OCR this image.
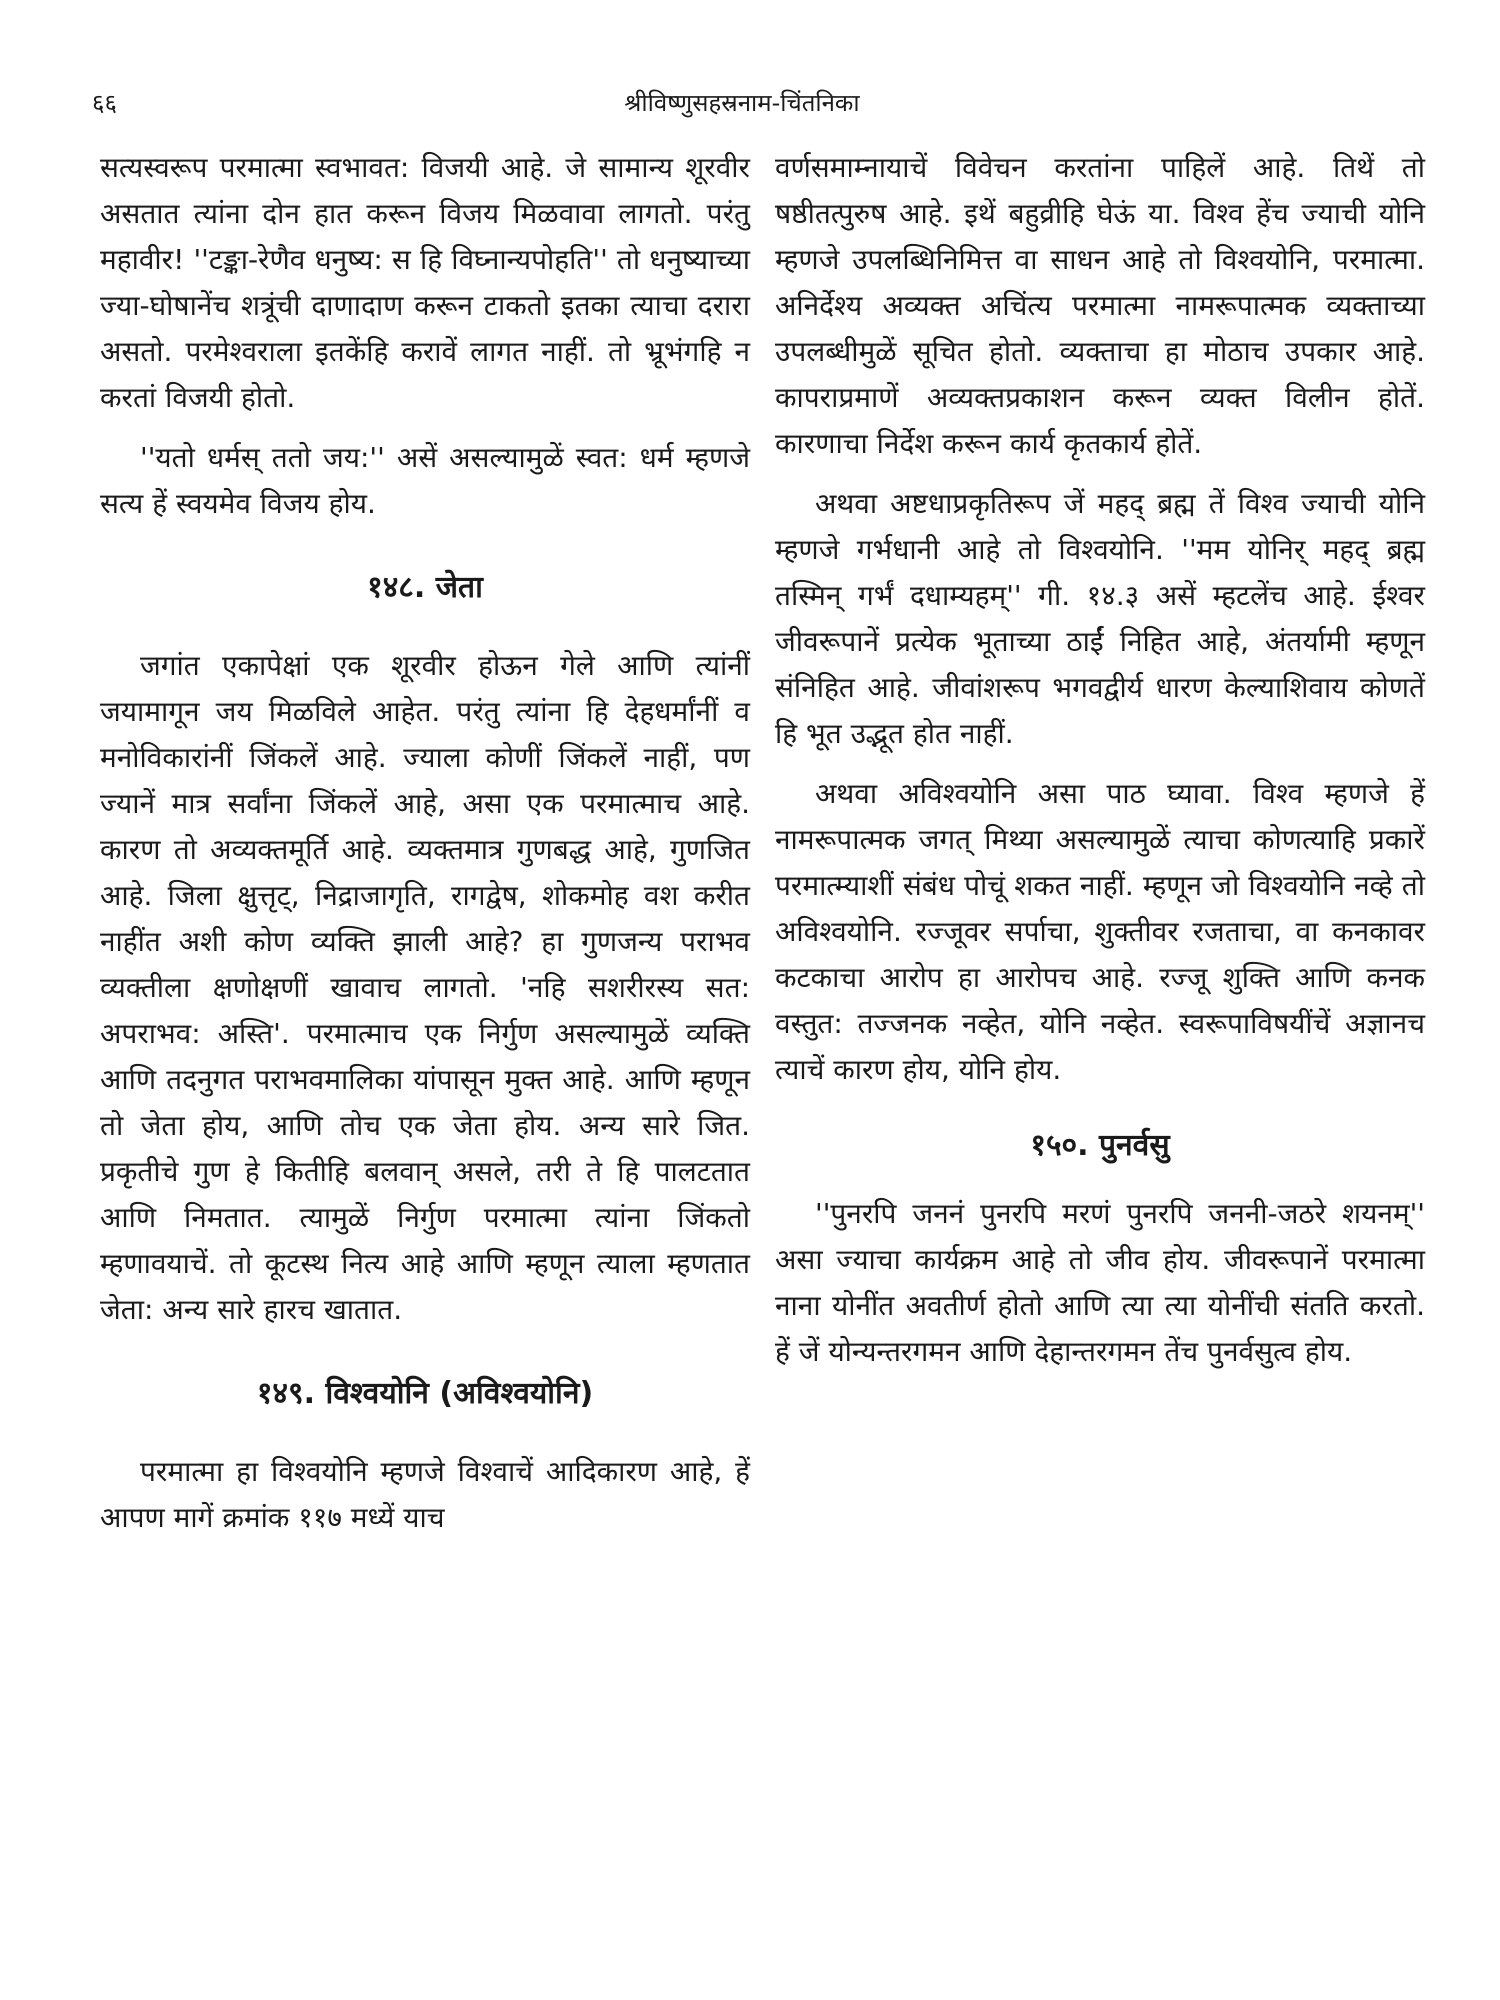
६६	श्रीविष्णुसहस्रनाम-चिंतनिका

सत्यस्वरूप परमात्मा स्वभावत: विजयी आहे. जे सामान्य शूरवीर असतात त्यांना दोन हात करून विजय मिळवावा लागतो. परंतु महावीर! ''टङ्का-रेणैव धनुष्य: स हि विघ्नान्यपोहति'' तो धनुष्याच्या ज्या-घोषानेंच शत्रूंची दाणादाण करून टाकतो इतका त्याचा दरारा असतो. परमेश्वराला इतकेंहि करावें लागत नाहीं. तो भ्रूभंगहि न करतां विजयी होतो.

''यतो धर्मस् ततो जय:'' असें असल्यामुळें स्वत: धर्म म्हणजे सत्य हें स्वयमेव विजय होय.

१४८. जेता

जगांत एकापेक्षां एक शूरवीर होऊन गेले आणि त्यांनीं जयामागून जय मिळविले आहेत. परंतु त्यांना हि देहधर्मांनीं व मनोविकारांनीं जिंकलें आहे. ज्याला कोणीं जिंकलें नाहीं, पण ज्यानें मात्र सर्वांना जिंकलें आहे, असा एक परमात्माच आहे. कारण तो अव्यक्तमूर्ति आहे. व्यक्तमात्र गुणबद्ध आहे, गुणजित आहे. जिला क्षुत्तृट्, निद्राजागृति, रागद्वेष, शोकमोह वश करीत नाहींत अशी कोण व्यक्ति झाली आहे? हा गुणजन्य पराभव व्यक्तीला क्षणोक्षणीं खावाच लागतो. 'नहि सशरीरस्य सत: अपराभव: अस्ति'. परमात्माच एक निर्गुण असल्यामुळें व्यक्ति आणि तदनुगत पराभवमालिका यांपासून मुक्त आहे. आणि म्हणून तो जेता होय, आणि तोच एक जेता होय. अन्य सारे जित. प्रकृतीचे गुण हे कितीहि बलवान् असले, तरी ते हि पालटतात आणि निमतात. त्यामुळें निर्गुण परमात्मा त्यांना जिंकतो म्हणावयाचें. तो कूटस्थ नित्य आहे आणि म्हणून त्याला म्हणतात जेता: अन्य सारे हारच खातात.

१४९. विश्वयोनि (अविश्वयोनि)

परमात्मा हा विश्वयोनि म्हणजे विश्वाचें आदिकारण आहे, हें आपण मागें क्रमांक ११७ मध्यें याच

वर्णसमाम्नायाचें विवेचन करतांना पाहिलें आहे. तिथें तो षष्ठीतत्पुरुष आहे. इथें बहुव्रीहि घेऊं या. विश्व हेंच ज्याची योनि म्हणजे उपलब्धिनिमित्त वा साधन आहे तो विश्वयोनि, परमात्मा. अनिर्देश्य अव्यक्त अचिंत्य परमात्मा नामरूपात्मक व्यक्ताच्या उपलब्धीमुळें सूचित होतो. व्यक्ताचा हा मोठाच उपकार आहे. कापराप्रमाणें अव्यक्तप्रकाशन करून व्यक्त विलीन होतें. कारणाचा निर्देश करून कार्य कृतकार्य होतें.

अथवा अष्टधाप्रकृतिरूप जें महद् ब्रह्म तें विश्व ज्याची योनि म्हणजे गर्भधानी आहे तो विश्वयोनि. ''मम योनिर् महद् ब्रह्म तस्मिन् गर्भं दधाम्यहम्'' गी. १४.३ असें म्हटलेंच आहे. ईश्वर जीवरूपानें प्रत्येक भूताच्या ठाईं निहित आहे, अंतर्यामी म्हणून संनिहित आहे. जीवांशरूप भगवद्वीर्य धारण केल्याशिवाय कोणतें हि भूत उद्भूत होत नाहीं.

अथवा अविश्वयोनि असा पाठ घ्यावा. विश्व म्हणजे हें नामरूपात्मक जगत् मिथ्या असल्यामुळें त्याचा कोणत्याहि प्रकारें परमात्म्याशीं संबंध पोचूं शकत नाहीं. म्हणून जो विश्वयोनि नव्हे तो अविश्वयोनि. रज्जूवर सर्पाचा, शुक्तीवर रजताचा, वा कनकावर कटकाचा आरोप हा आरोपच आहे. रज्जू शुक्ति आणि कनक वस्तुत: तज्जनक नव्हेत, योनि नव्हेत. स्वरूपाविषयींचें अज्ञानच त्याचें कारण होय, योनि होय.

१५०. पुनर्वसु

''पुनरपि जननं पुनरपि मरणं पुनरपि जननी-जठरे शयनम्'' असा ज्याचा कार्यक्रम आहे तो जीव होय. जीवरूपानें परमात्मा नाना योनींत अवतीर्ण होतो आणि त्या त्या योनींची संतति करतो. हें जें योन्यन्तरगमन आणि देहान्तरगमन तेंच पुनर्वसुत्व होय.
